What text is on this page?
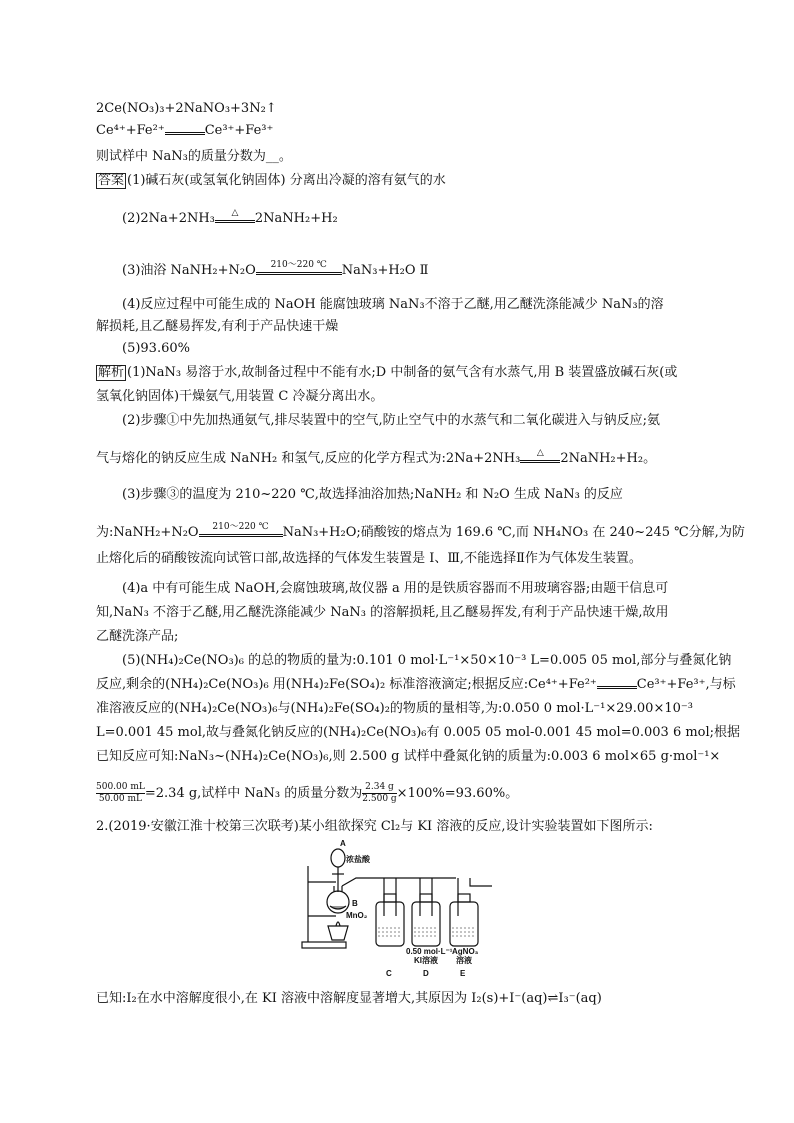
2Ce(NO₃)₃+2NaNO₃+3N₂↑
Ce⁴⁺+Fe²⁺	Ce³⁺+Fe³⁺
则试样中 NaN₃的质量分数为__。
答案 (1)碱石灰(或氢氧化钠固体) 分离出冷凝的溶有氨气的水
(2)2Na+2NH₃	△	2NaNH₂+H₂
(3)油浴 NaNH₂+N₂O	210～220 ℃	NaN₃+H₂O Ⅱ
(4)反应过程中可能生成的 NaOH 能腐蚀玻璃 NaN₃不溶于乙醚,用乙醚洗涤能减少 NaN₃的溶
解损耗,且乙醚易挥发,有利于产品快速干燥
(5)93.60%
解析 (1)NaN₃ 易溶于水,故制备过程中不能有水;D 中制备的氨气含有水蒸气,用 B 装置盛放碱石灰(或
氢氧化钠固体)干燥氨气,用装置 C 冷凝分离出水。
(2)步骤①中先加热通氨气,排尽装置中的空气,防止空气中的水蒸气和二氧化碳进入与钠反应;氨
气与熔化的钠反应生成 NaNH₂ 和氢气,反应的化学方程式为:2Na+2NH₃	△	2NaNH₂+H₂。
(3)步骤③的温度为 210~220 ℃,故选择油浴加热;NaNH₂ 和 N₂O 生成 NaN₃ 的反应
为:NaNH₂+N₂O	210～220 ℃	NaN₃+H₂O;硝酸铵的熔点为 169.6 ℃,而 NH₄NO₃ 在 240~245 ℃分解,为防
止熔化后的硝酸铵流向试管口部,故选择的气体发生装置是 Ⅰ、Ⅲ,不能选择Ⅱ作为气体发生装置。
(4)a 中有可能生成 NaOH,会腐蚀玻璃,故仪器 a 用的是铁质容器而不用玻璃容器;由题干信息可
知,NaN₃ 不溶于乙醚,用乙醚洗涤能减少 NaN₃ 的溶解损耗,且乙醚易挥发,有利于产品快速干燥,故用
乙醚洗涤产品;
(5)(NH₄)₂Ce(NO₃)₆ 的总的物质的量为:0.101 0 mol·L⁻¹×50×10⁻³ L=0.005 05 mol,部分与叠氮化钠
反应,剩余的(NH₄)₂Ce(NO₃)₆ 用(NH₄)₂Fe(SO₄)₂ 标准溶液滴定;根据反应:Ce⁴⁺+Fe²⁺	Ce³⁺+Fe³⁺,与标
准溶液反应的(NH₄)₂Ce(NO₃)₆与(NH₄)₂Fe(SO₄)₂的物质的量相等,为:0.050 0 mol·L⁻¹×29.00×10⁻³
L=0.001 45 mol,故与叠氮化钠反应的(NH₄)₂Ce(NO₃)₆有 0.005 05 mol-0.001 45 mol=0.003 6 mol;根据
已知反应可知:NaN₃~(NH₄)₂Ce(NO₃)₆,则 2.500 g 试样中叠氮化钠的质量为:0.003 6 mol×65 g·mol⁻¹×
$\frac{500.00 mL}{50.00 mL} =2.34$ g,试样中 NaN₃ 的质量分数为 $\frac{2.34 g}{2.500 g} \times 100\%=93.60\%$。
2.(2019·安徽江淮十校第三次联考)某小组欲探究 Cl₂与 KI 溶液的反应,设计实验装置如下图所示:
A
浓盐酸
B
MnO₂
0.50 mol·L⁻¹
KI溶液
AgNO₃
溶液
C	D	E
已知:I₂在水中溶解度很小,在 KI 溶液中溶解度显著增大,其原因为 I₂(s)+I⁻(aq)⇌I₃⁻(aq)
